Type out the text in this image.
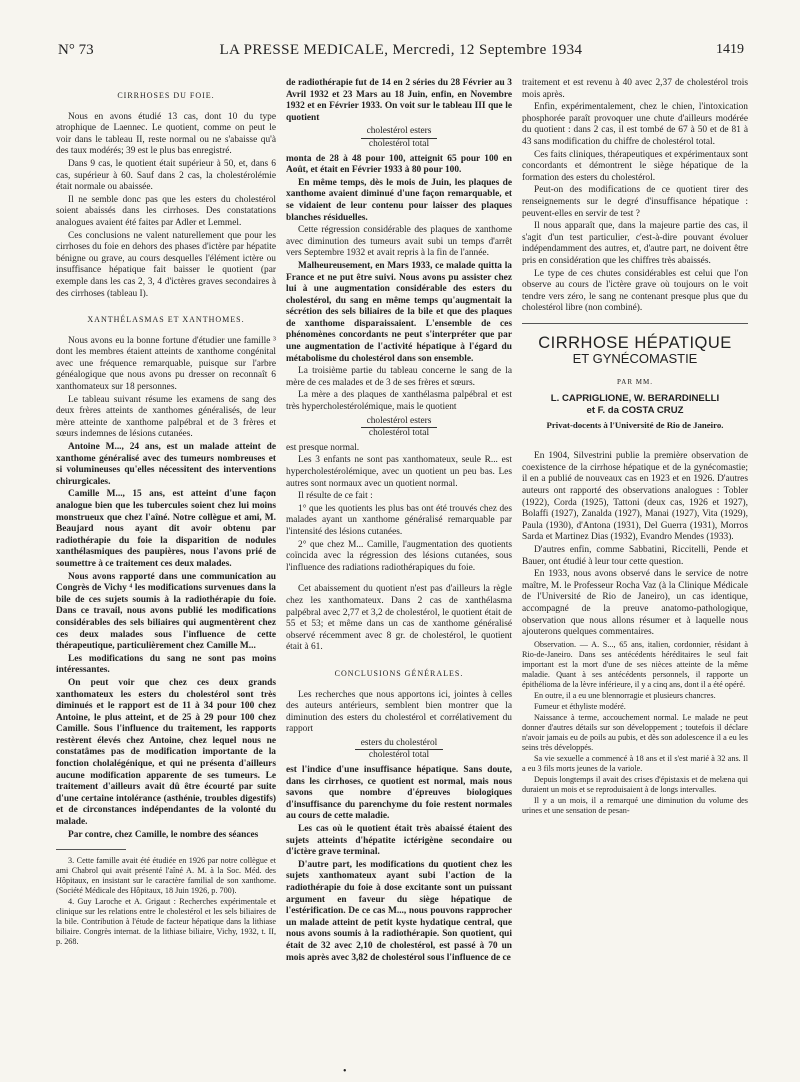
N° 73	LA PRESSE MEDICALE, Mercredi, 12 Septembre 1934	1419
CIRRHOSES DU FOIE.

Nous en avons étudié 13 cas, dont 10 du type atrophique de Laennec. Le quotient, comme on peut le voir dans le tableau II, reste normal ou ne s'abaisse qu'à des taux modérés; 39 est le plus bas enregistré.

Dans 9 cas, le quotient était supérieur à 50, et, dans 6 cas, supérieur à 60. Sauf dans 2 cas, la cholestérolémie était normale ou abaissée.

Il ne semble donc pas que les esters du cholestérol soient abaissés dans les cirrhoses. Des constatations analogues avaient été faites par Adler et Lemmel.

Ces conclusions ne valent naturellement que pour les cirrhoses du foie en dehors des phases d'ictère par hépatite bénigne ou grave, au cours desquelles l'élément ictère ou insuffisance hépatique fait baisser le quotient (par exemple dans les cas 2, 3, 4 d'ictères graves secondaires à des cirrhoses (tableau I).

XANTHÉLASMAS ET XANTHOMES.

Nous avons eu la bonne fortune d'étudier une famille ³ dont les membres étaient atteints de xanthome congénital avec une fréquence remarquable, puisque sur l'arbre généalogique que nous avons pu dresser on reconnaît 6 xanthomateux sur 18 personnes.

Le tableau suivant résume les examens de sang des deux frères atteints de xanthomes généralisés, de leur mère atteinte de xanthome palpébral et de 3 frères et sœurs indemnes de lésions cutanées.

Antoine M..., 24 ans, est un malade atteint de xanthome généralisé avec des tumeurs nombreuses et si volumineuses qu'elles nécessitent des interventions chirurgicales.

Camille M..., 15 ans, est atteint d'une façon analogue bien que les tubercules soient chez lui moins monstrueux que chez l'aîné. Notre collègue et ami, M. Beaujard nous ayant dit avoir obtenu par radiothérapie du foie la disparition de nodules xanthélasmiques des paupières, nous l'avons prié de soumettre à ce traitement ces deux malades.

Nous avons rapporté dans une communication au Congrès de Vichy ⁴ les modifications survenues dans la bile de ces sujets soumis à la radiothérapie du foie. Dans ce travail, nous avons publié les modifications considérables des sels biliaires qui augmentèrent chez ces deux malades sous l'influence de cette thérapeutique, particulièrement chez Camille M...

Les modifications du sang ne sont pas moins intéressantes.

On peut voir que chez ces deux grands xanthomateux les esters du cholestérol sont très diminués et le rapport est de 11 à 34 pour 100 chez Antoine, le plus atteint, et de 25 à 29 pour 100 chez Camille. Sous l'influence du traitement, les rapports restèrent élevés chez Antoine, chez lequel nous ne constatâmes pas de modification importante de la fonction cholalégénique, et qui ne présenta d'ailleurs aucune modification apparente de ses tumeurs. Le traitement d'ailleurs avait dû être écourté par suite d'une certaine intolérance (asthénie, troubles digestifs) et de circonstances indépendantes de la volonté du malade.

Par contre, chez Camille, le nombre des séances

3. Cette famille avait été étudiée en 1926 par notre collègue et ami Chabrol qui avait présenté l'aîné A. M. à la Soc. Méd. des Hôpitaux, en insistant sur le caractère familial de son xanthome. (Société Médicale des Hôpitaux, 18 Juin 1926, p. 700).

4. Guy Laroche et A. Grigaut : Recherches expérimentale et clinique sur les relations entre le cholestérol et les sels biliaires de la bile. Contribution à l'étude de facteur hépatique dans la lithiase biliaire. Congrès internat. de la lithiase biliaire, Vichy, 1932, t. II, p. 268.

de radiothérapie fut de 14 en 2 séries du 28 Février au 3 Avril 1932 et 23 Mars au 18 Juin, enfin, en Novembre 1932 et en Février 1933. On voit sur le tableau III que le quotient

cholestérol esters
cholestérol total

monta de 28 à 48 pour 100, atteignit 65 pour 100 en Août, et était en Février 1933 à 80 pour 100.

En même temps, dès le mois de Juin, les plaques de xanthome avaient diminué d'une façon remarquable, et se vidaient de leur contenu pour laisser des plaques blanches résiduelles.

Cette régression considérable des plaques de xanthome avec diminution des tumeurs avait subi un temps d'arrêt vers Septembre 1932 et avait repris à la fin de l'année.

Malheureusement, en Mars 1933, ce malade quitta la France et ne put être suivi. Nous avons pu assister chez lui à une augmentation considérable des esters du cholestérol, du sang en même temps qu'augmentait la sécrétion des sels biliaires de la bile et que des plaques de xanthome disparaissaient. L'ensemble de ces phénomènes concordants ne peut s'interpréter que par une augmentation de l'activité hépatique à l'égard du métabolisme du cholestérol dans son ensemble.

La troisième partie du tableau concerne le sang de la mère de ces malades et de 3 de ses frères et sœurs.

La mère a des plaques de xanthélasma palpébral et est très hypercholestérolémique, mais le quotient

cholestérol esters
cholestérol total

est presque normal.

Les 3 enfants ne sont pas xanthomateux, seule R... est hypercholestérolémique, avec un quotient un peu bas. Les autres sont normaux avec un quotient normal.

Il résulte de ce fait :

1° que les quotients les plus bas ont été trouvés chez des malades ayant un xanthome généralisé remarquable par l'intensité des lésions cutanées.

2° que chez M... Camille, l'augmentation des quotients coïncida avec la régression des lésions cutanées, sous l'influence des radiations radiothérapiques du foie.

Cet abaissement du quotient n'est pas d'ailleurs la règle chez les xanthomateux. Dans 2 cas de xanthélasma palpébral avec 2,77 et 3,2 de cholestérol, le quotient était de 55 et 53; et même dans un cas de xanthome généralisé observé récemment avec 8 gr. de cholestérol, le quotient était à 61.

CONCLUSIONS GÉNÉRALES.

Les recherches que nous apportons ici, jointes à celles des auteurs antérieurs, semblent bien montrer que la diminution des esters du cholestérol et corrélativement du rapport

esters du cholestérol
cholestérol total

est l'indice d'une insuffisance hépatique. Sans doute, dans les cirrhoses, ce quotient est normal, mais nous savons que nombre d'épreuves biologiques d'insuffisance du parenchyme du foie restent normales au cours de cette maladie.

Les cas où le quotient était très abaissé étaient des sujets atteints d'hépatite ictérigène secondaire ou d'ictère grave terminal.

D'autre part, les modifications du quotient chez les sujets xanthomateux ayant subi l'action de la radiothérapie du foie à dose excitante sont un puissant argument en faveur du siège hépatique de l'estérification. De ce cas M..., nous pouvons rapprocher un malade atteint de petit kyste hydatique central, que nous avons soumis à la radiothérapie. Son quotient, qui était de 32 avec 2,10 de cholestérol, est passé à 70 un mois après avec 3,82 de cholestérol sous l'influence de ce

traitement et est revenu à 40 avec 2,37 de cholestérol trois mois après.

Enfin, expérimentalement, chez le chien, l'intoxication phosphorée paraît provoquer une chute d'ailleurs modérée du quotient : dans 2 cas, il est tombé de 67 à 50 et de 81 à 43 sans modification du chiffre de cholestérol total.

Ces faits cliniques, thérapeutiques et expérimentaux sont concordants et démontrent le siège hépatique de la formation des esters du cholestérol.

Peut-on des modifications de ce quotient tirer des renseignements sur le degré d'insuffisance hépatique : peuvent-elles en servir de test ?

Il nous apparaît que, dans la majeure partie des cas, il s'agit d'un test particulier, c'est-à-dire pouvant évoluer indépendamment des autres, et, d'autre part, ne doivent être pris en considération que les chiffres très abaissés.

Le type de ces chutes considérables est celui que l'on observe au cours de l'ictère grave où toujours on le voit tendre vers zéro, le sang ne contenant presque plus que du cholestérol libre (non combiné).

CIRRHOSE HÉPATIQUE
ET GYNÉCOMASTIE
PAR MM.
L. CAPRIGLIONE, W. BERARDINELLI
et F. da COSTA CRUZ
Privat-docents à l'Université de Rio de Janeiro.

En 1904, Silvestrini publie la première observation de coexistence de la cirrhose hépatique et de la gynécomastie; il en a publié de nouveaux cas en 1923 et en 1926. D'autres auteurs ont rapporté des observations analogues : Tobler (1922), Corda (1925), Tattoni (deux cas, 1926 et 1927), Bolaffi (1927), Zanalda (1927), Manai (1927), Vita (1929), Paula (1930), d'Antona (1931), Del Guerra (1931), Morros Sarda et Martinez Dias (1932), Evandro Mendes (1933).

D'autres enfin, comme Sabbatini, Riccitelli, Pende et Bauer, ont étudié à leur tour cette question.

En 1933, nous avons observé dans le service de notre maître, M. le Professeur Rocha Vaz (à la Clinique Médicale de l'Université de Rio de Janeiro), un cas identique, accompagné de la preuve anatomo-pathologique, observation que nous allons résumer et à laquelle nous ajouterons quelques commentaires.

Observation. — A. S..., 65 ans, italien, cordonnier, résidant à Rio-de-Janeiro. Dans ses antécédents héréditaires le seul fait important est la mort d'une de ses nièces atteinte de la même maladie. Quant à ses antécédents personnels, il rapporte un épithélioma de la lèvre inférieure, il y a cinq ans, dont il a été opéré.

En outre, il a eu une blennorragie et plusieurs chancres.

Fumeur et éthyliste modéré.

Naissance à terme, accouchement normal. Le malade ne peut donner d'autres détails sur son développement ; toutefois il déclare n'avoir jamais eu de poils au pubis, et dès son adolescence il a eu les seins très développés.

Sa vie sexuelle a commencé à 18 ans et il s'est marié à 32 ans. Il a eu 3 fils morts jeunes de la variole.

Depuis longtemps il avait des crises d'épistaxis et de melæna qui duraient un mois et se reproduisaient à de longs intervalles.

Il y a un mois, il a remarqué une diminution du volume des urines et une sensation de pesan-

•
